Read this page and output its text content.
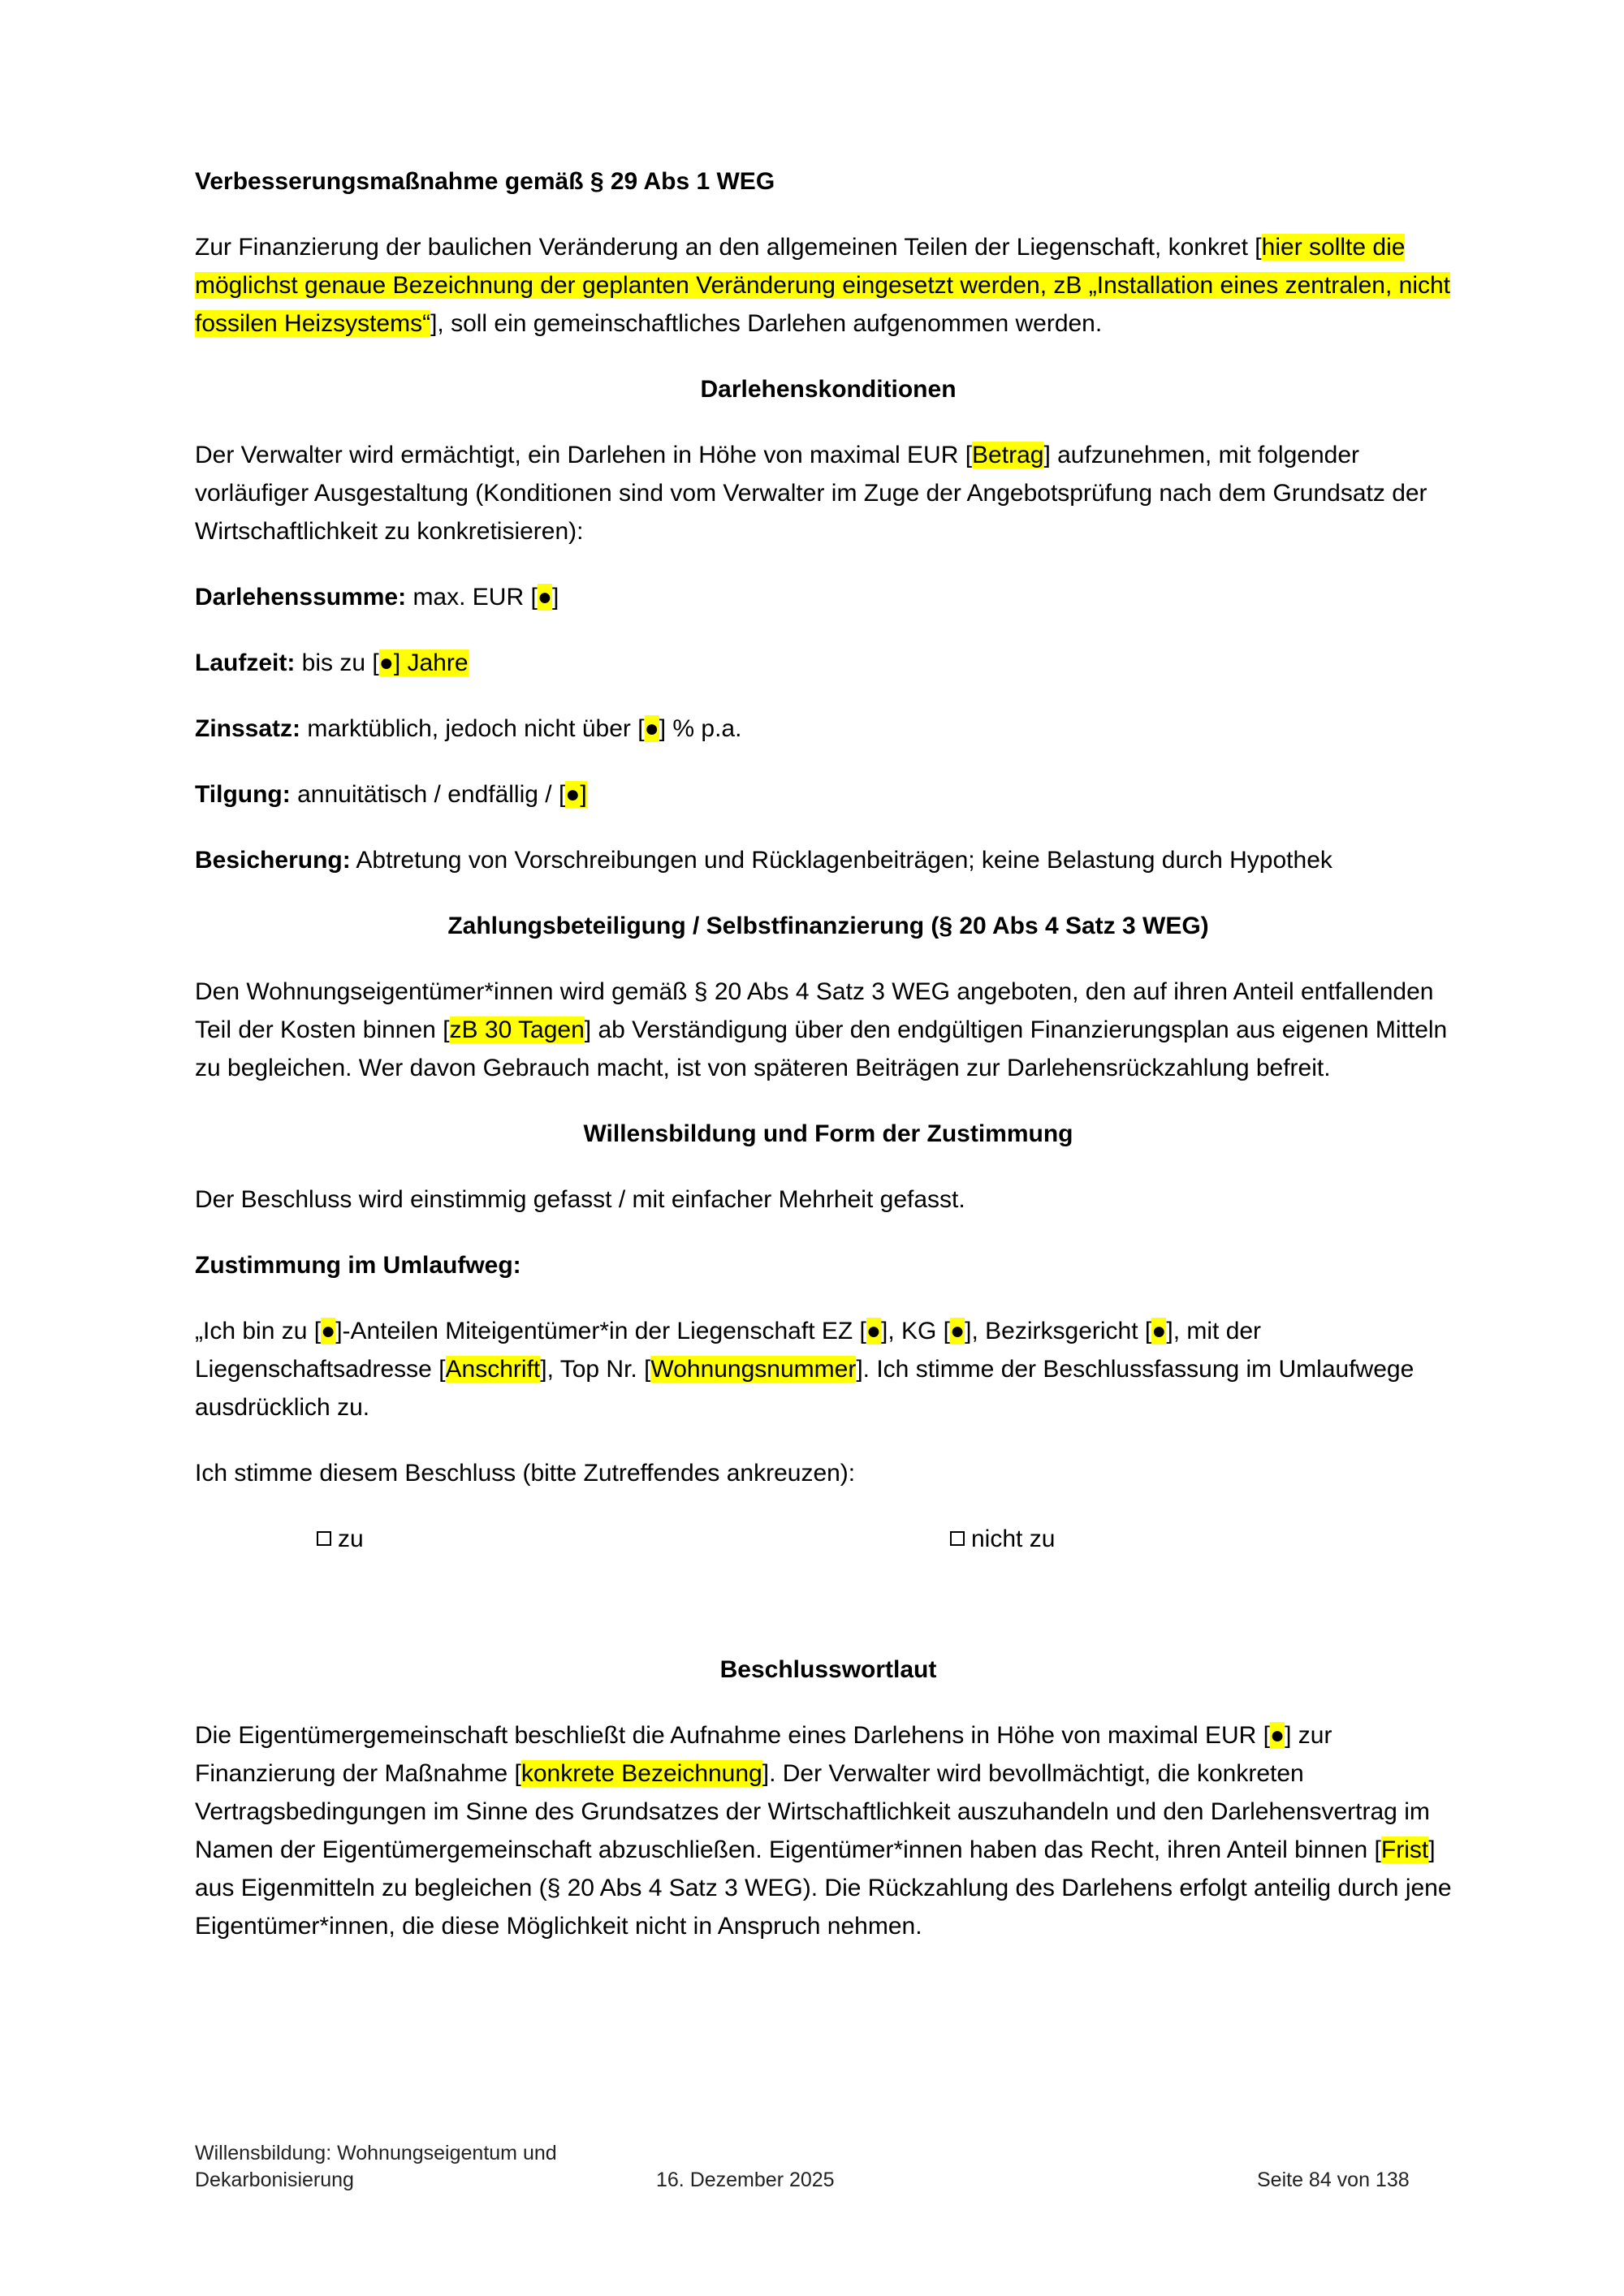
Verbesserungsmaßnahme gemäß § 29 Abs 1 WEG

Zur Finanzierung der baulichen Veränderung an den allgemeinen Teilen der Liegenschaft, konkret [hier sollte die möglichst genaue Bezeichnung der geplanten Veränderung eingesetzt werden, zB „Installation eines zentralen, nicht fossilen Heizsystems“], soll ein gemeinschaftliches Darlehen aufgenommen werden.

Darlehenskonditionen

Der Verwalter wird ermächtigt, ein Darlehen in Höhe von maximal EUR [Betrag] aufzunehmen, mit folgender vorläufiger Ausgestaltung (Konditionen sind vom Verwalter im Zuge der Angebotsprüfung nach dem Grundsatz der Wirtschaftlichkeit zu konkretisieren):

Darlehenssumme: max. EUR [●]

Laufzeit: bis zu [●] Jahre

Zinssatz: marktüblich, jedoch nicht über [●] % p.a.

Tilgung: annuitätisch / endfällig / [●]

Besicherung: Abtretung von Vorschreibungen und Rücklagenbeiträgen; keine Belastung durch Hypothek

Zahlungsbeteiligung / Selbstfinanzierung (§ 20 Abs 4 Satz 3 WEG)

Den Wohnungseigentümer*innen wird gemäß § 20 Abs 4 Satz 3 WEG angeboten, den auf ihren Anteil entfallenden Teil der Kosten binnen [zB 30 Tagen] ab Verständigung über den endgültigen Finanzierungsplan aus eigenen Mitteln zu begleichen. Wer davon Gebrauch macht, ist von späteren Beiträgen zur Darlehensrückzahlung befreit.

Willensbildung und Form der Zustimmung

Der Beschluss wird einstimmig gefasst / mit einfacher Mehrheit gefasst.

Zustimmung im Umlaufweg:

„Ich bin zu [●]-Anteilen Miteigentümer*in der Liegenschaft EZ [●], KG [●], Bezirksgericht [●], mit der Liegenschaftsadresse [Anschrift], Top Nr. [Wohnungsnummer]. Ich stimme der Beschlussfassung im Umlaufwege ausdrücklich zu.

Ich stimme diesem Beschluss (bitte Zutreffendes ankreuzen):

zu	nicht zu

Beschlusswortlaut

Die Eigentümergemeinschaft beschließt die Aufnahme eines Darlehens in Höhe von maximal EUR [●] zur Finanzierung der Maßnahme [konkrete Bezeichnung]. Der Verwalter wird bevollmächtigt, die konkreten Vertragsbedingungen im Sinne des Grundsatzes der Wirtschaftlichkeit auszuhandeln und den Darlehensvertrag im Namen der Eigentümergemeinschaft abzuschließen. Eigentümer*innen haben das Recht, ihren Anteil binnen [Frist] aus Eigenmitteln zu begleichen (§ 20 Abs 4 Satz 3 WEG). Die Rückzahlung des Darlehens erfolgt anteilig durch jene Eigentümer*innen, die diese Möglichkeit nicht in Anspruch nehmen.

Willensbildung: Wohnungseigentum und Dekarbonisierung	16. Dezember 2025	Seite 84 von 138
